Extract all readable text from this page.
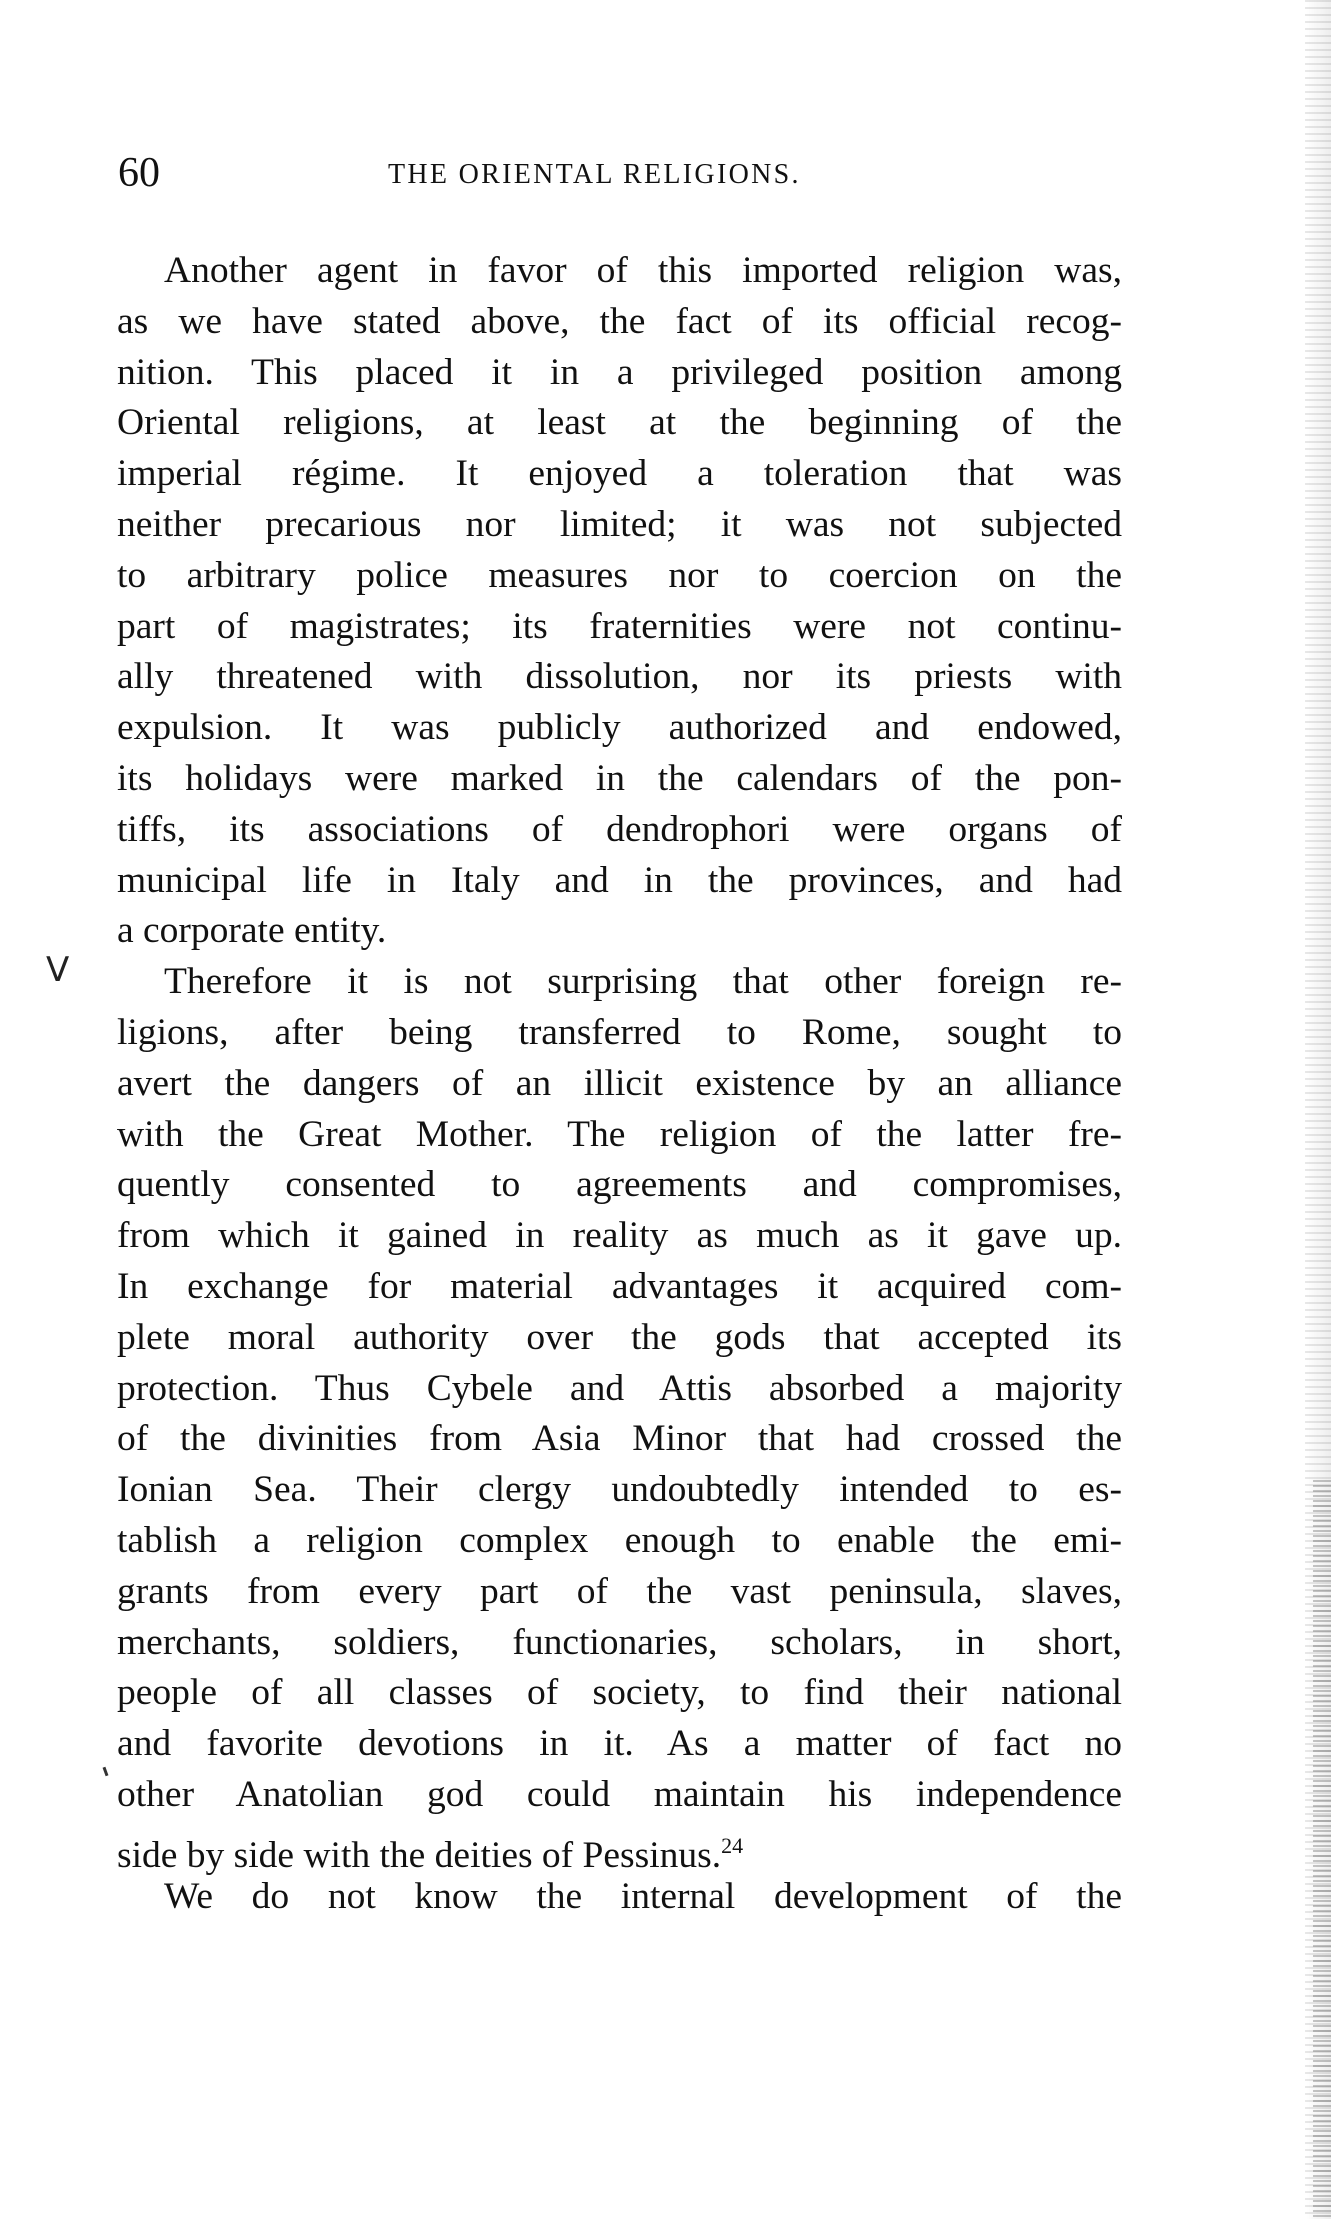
60	THE ORIENTAL RELIGIONS.
V
Another agent in favor of this imported religion was,
as we have stated above, the fact of its official recog-
nition. This placed it in a privileged position among
Oriental religions, at least at the beginning of the
imperial régime. It enjoyed a toleration that was
neither precarious nor limited; it was not subjected
to arbitrary police measures nor to coercion on the
part of magistrates; its fraternities were not continu-
ally threatened with dissolution, nor its priests with
expulsion. It was publicly authorized and endowed,
its holidays were marked in the calendars of the pon-
tiffs, its associations of dendrophori were organs of
municipal life in Italy and in the provinces, and had
a corporate entity.
Therefore it is not surprising that other foreign re-
ligions, after being transferred to Rome, sought to
avert the dangers of an illicit existence by an alliance
with the Great Mother. The religion of the latter fre-
quently consented to agreements and compromises,
from which it gained in reality as much as it gave up.
In exchange for material advantages it acquired com-
plete moral authority over the gods that accepted its
protection. Thus Cybele and Attis absorbed a majority
of the divinities from Asia Minor that had crossed the
Ionian Sea. Their clergy undoubtedly intended to es-
tablish a religion complex enough to enable the emi-
grants from every part of the vast peninsula, slaves,
merchants, soldiers, functionaries, scholars, in short,
people of all classes of society, to find their national
and favorite devotions in it. As a matter of fact no
other Anatolian god could maintain his independence
side by side with the deities of Pessinus.$^{24}$
We do not know the internal development of the
